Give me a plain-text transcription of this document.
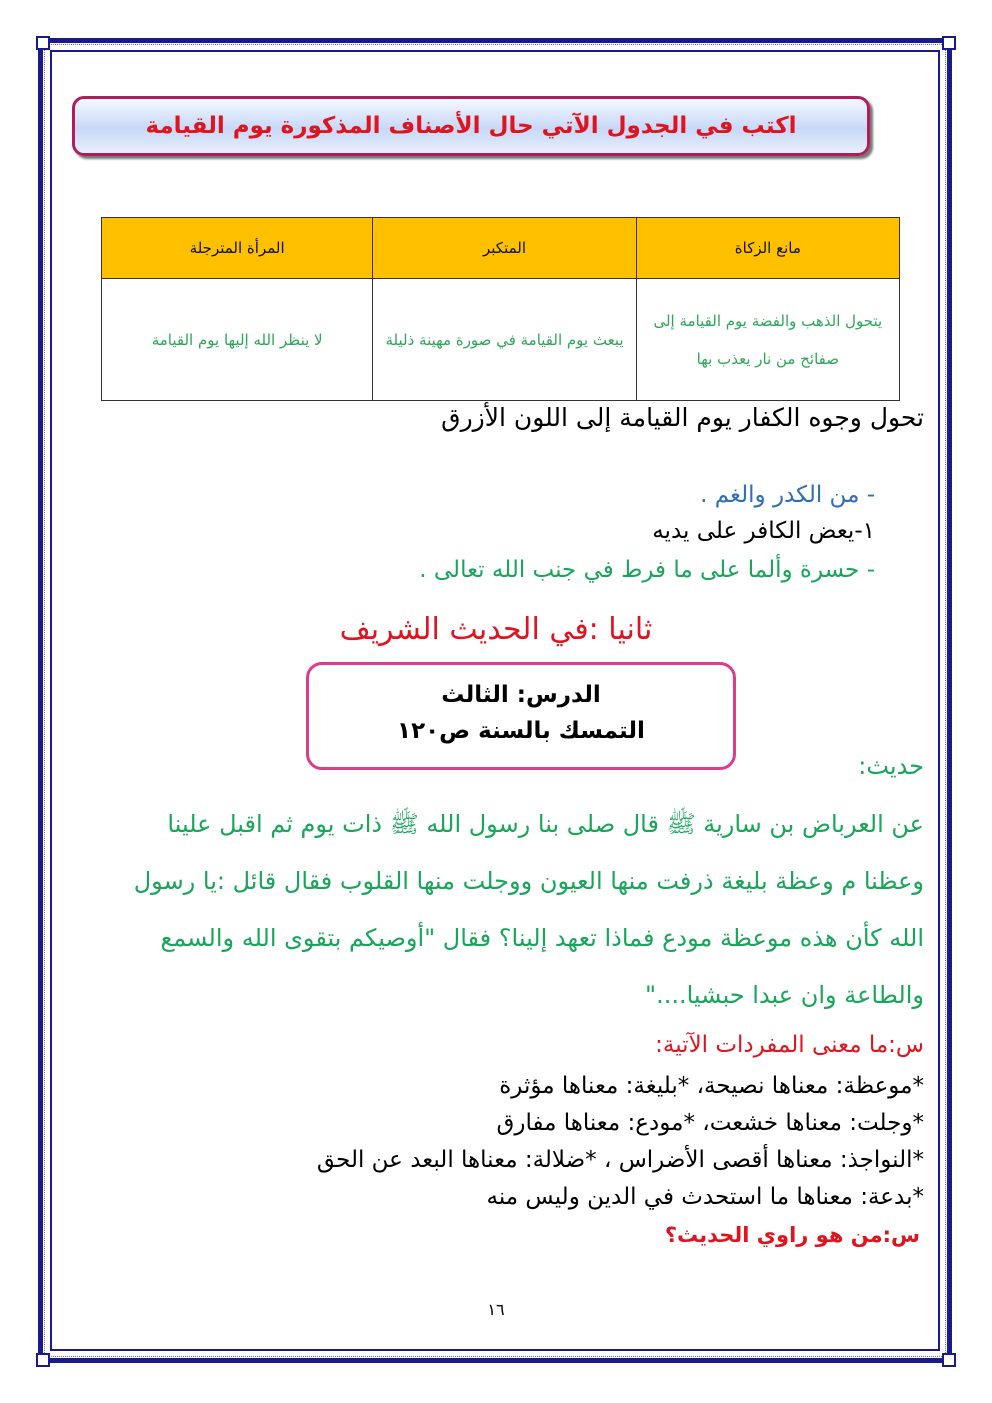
اكتب في الجدول الآتي حال الأصناف المذكورة يوم القيامة
مانع الزكاة	المتكبر	المرأة المترجلة
يتحول الذهب والفضة يوم القيامة إلى صفائح من نار يعذب بها	يبعث يوم القيامة في صورة مهينة ذليلة	لا ينظر الله إليها يوم القيامة
تحول وجوه الكفار يوم القيامة إلى اللون الأزرق
- من الكدر والغم .
١-يعض الكافر على يديه
- حسرة وألما على ما فرط في جنب الله تعالى .
ثانيا :في الحديث الشريف
الدرس: الثالث
التمسك بالسنة ص١٢٠
حديث:
عن العرباض بن سارية ﷺ قال صلى بنا رسول الله ﷺ ذات يوم ثم اقبل علينا
وعظنا م وعظة بليغة ذرفت منها العيون ووجلت منها القلوب فقال قائل :يا رسول
الله كأن هذه موعظة مودع فماذا تعهد إلينا؟ فقال "أوصيكم بتقوى الله والسمع
والطاعة وان عبدا حبشيا...."
س:ما معنى المفردات الآتية:
*موعظة: معناها نصيحة، *بليغة: معناها مؤثرة
*وجلت: معناها خشعت، *مودع: معناها مفارق
*النواجذ: معناها أقصى الأضراس ، *ضلالة: معناها البعد عن الحق
*بدعة: معناها ما استحدث في الدين وليس منه
س:من هو راوي الحديث؟
١٦
